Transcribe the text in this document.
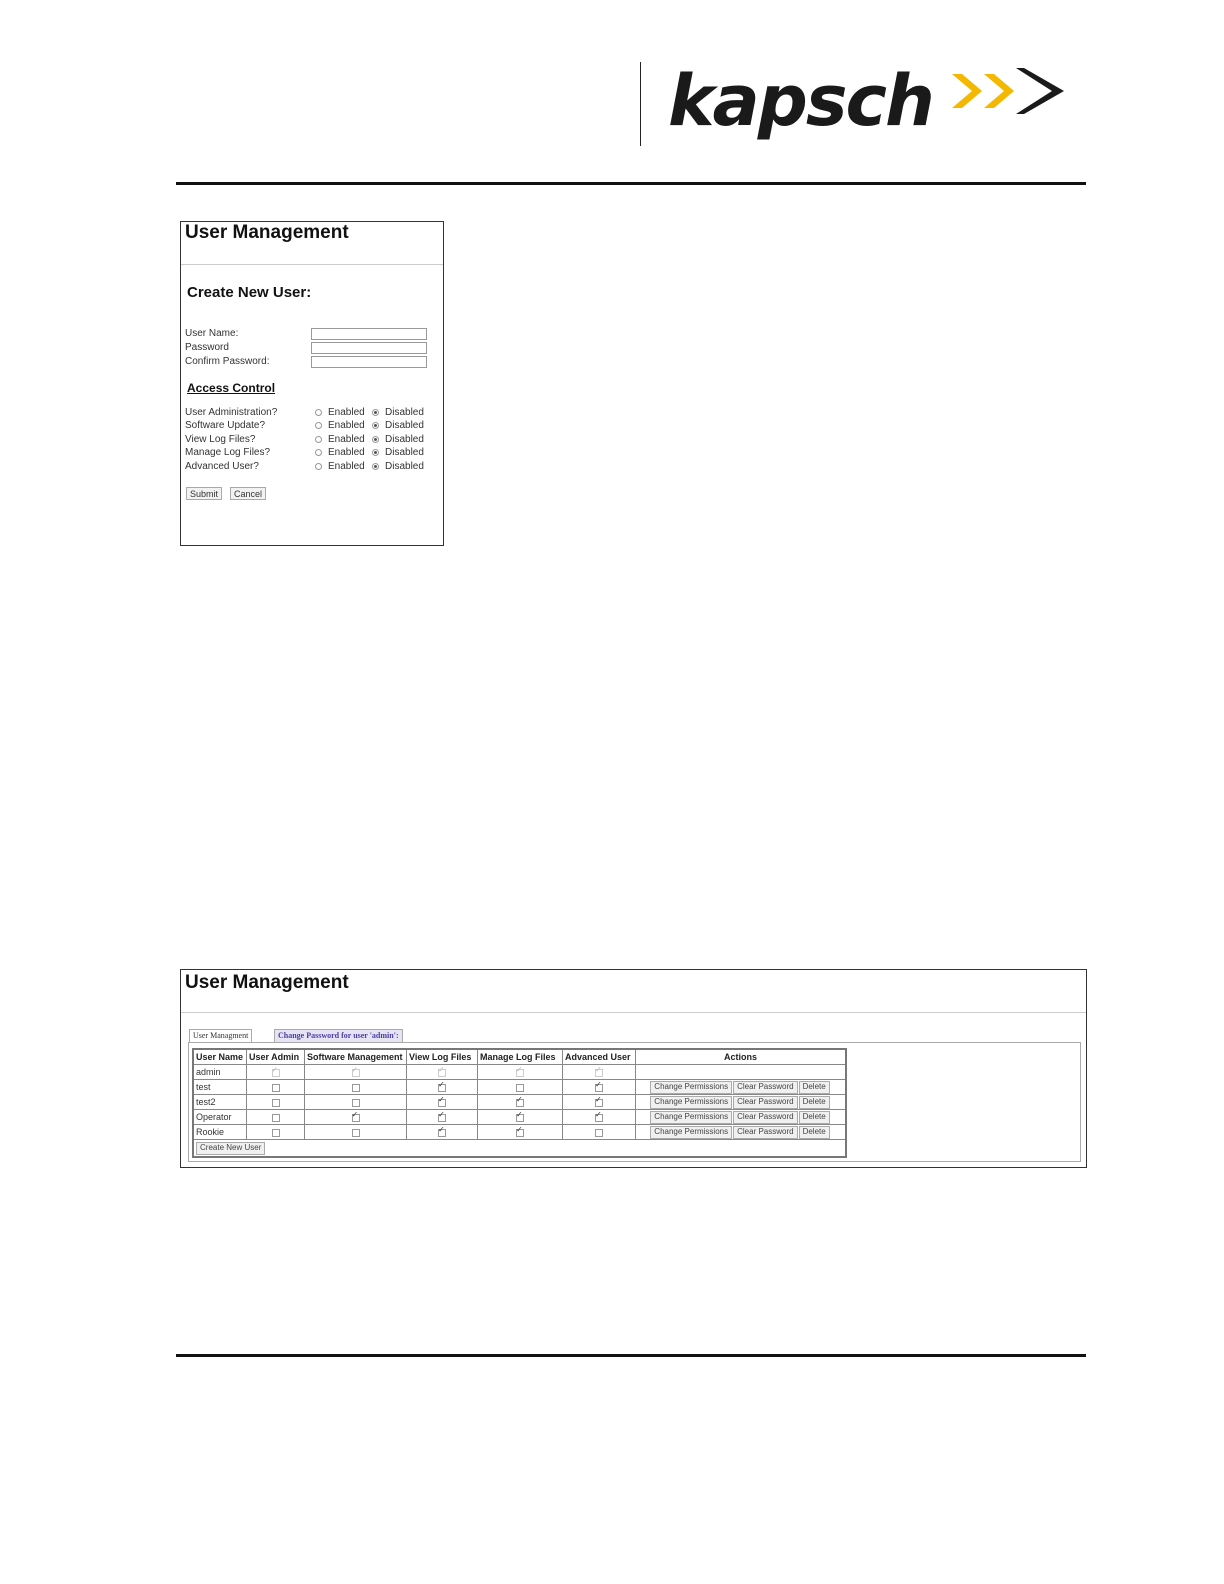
kapsch
User Management
Create New User:
User Name:
Password
Confirm Password:
Access Control
User Administration?	Enabled Disabled
Software Update?	Enabled Disabled
View Log Files?	Enabled Disabled
Manage Log Files?	Enabled Disabled
Advanced User?	Enabled Disabled
Submit	Cancel
User Management
User Managment	Change Password for user 'admin':
User Name	User Admin	Software Management	View Log Files	Manage Log Files	Advanced User	Actions
admin	✓	✓	✓	✓	✓	
test			✓		✓	Change Permissions Clear Password Delete
test2			✓	✓	✓	Change Permissions Clear Password Delete
Operator		✓	✓	✓	✓	Change Permissions Clear Password Delete
Rookie			✓	✓		Change Permissions Clear Password Delete
Create New User						
